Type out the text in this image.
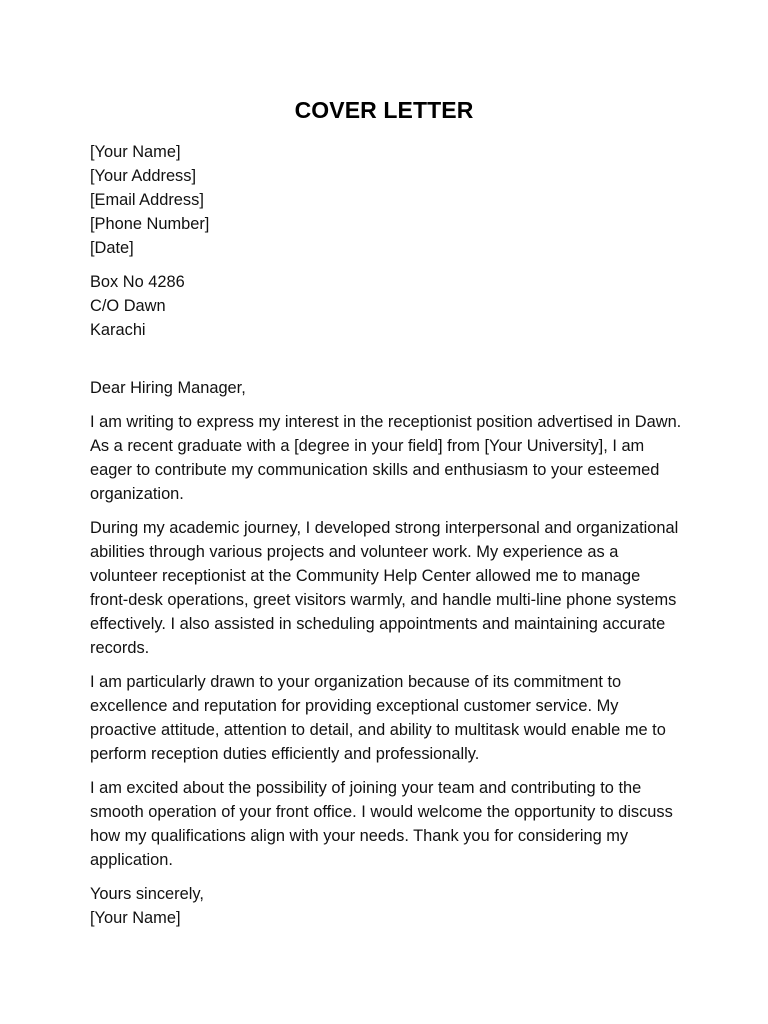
COVER LETTER
[Your Name]
[Your Address]
[Email Address]
[Phone Number]
[Date]
Box No 4286
C/O Dawn
Karachi
Dear Hiring Manager,
I am writing to express my interest in the receptionist position advertised in Dawn.
As a recent graduate with a [degree in your field] from [Your University], I am
eager to contribute my communication skills and enthusiasm to your esteemed
organization.
During my academic journey, I developed strong interpersonal and organizational
abilities through various projects and volunteer work. My experience as a
volunteer receptionist at the Community Help Center allowed me to manage
front-desk operations, greet visitors warmly, and handle multi-line phone systems
effectively. I also assisted in scheduling appointments and maintaining accurate
records.
I am particularly drawn to your organization because of its commitment to
excellence and reputation for providing exceptional customer service. My
proactive attitude, attention to detail, and ability to multitask would enable me to
perform reception duties efficiently and professionally.
I am excited about the possibility of joining your team and contributing to the
smooth operation of your front office. I would welcome the opportunity to discuss
how my qualifications align with your needs. Thank you for considering my
application.
Yours sincerely,
[Your Name]
